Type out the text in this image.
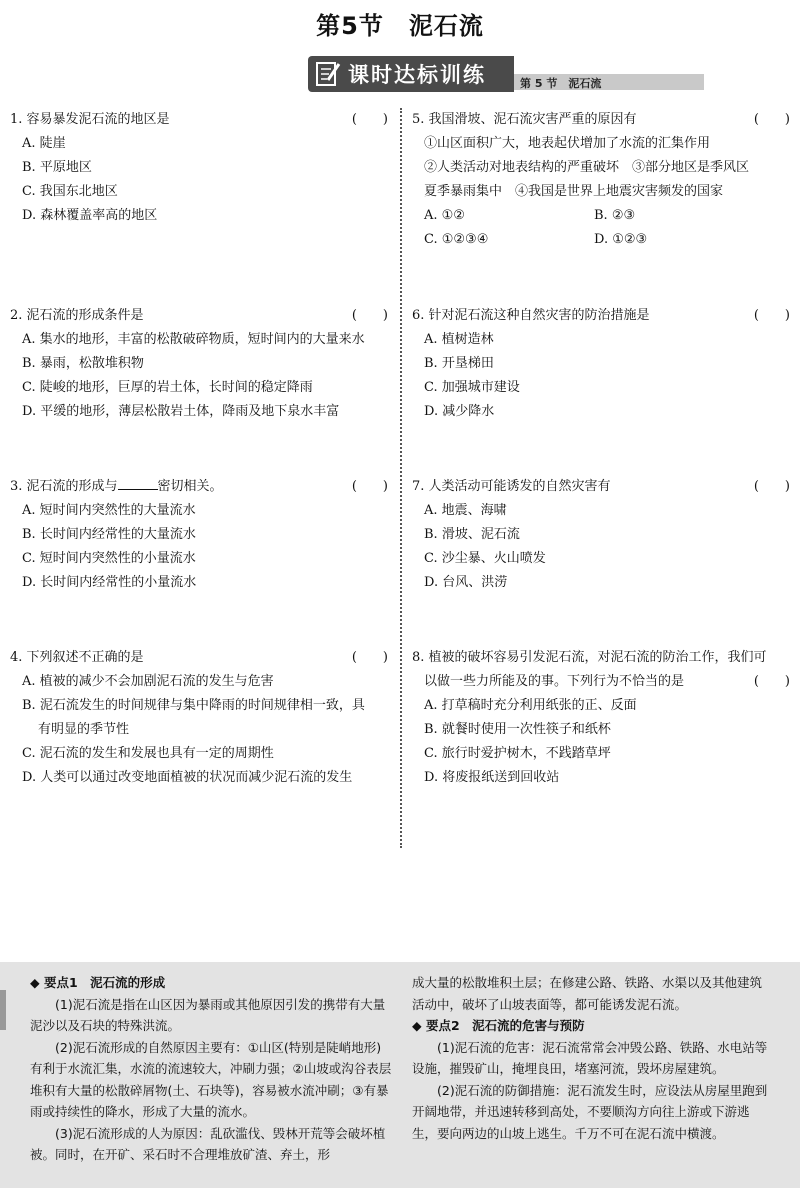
第5节　泥石流
课时达标训练	第 5 节　泥石流
1. 容易暴发泥石流的地区是	(　　)
A. 陡崖
B. 平原地区
C. 我国东北地区
D. 森林覆盖率高的地区
2. 泥石流的形成条件是	(　　)
A. 集水的地形，丰富的松散破碎物质，短时间内的大量来水
B. 暴雨，松散堆积物
C. 陡峻的地形，巨厚的岩土体，长时间的稳定降雨
D. 平缓的地形，薄层松散岩土体，降雨及地下泉水丰富
3. 泥石流的形成与	密切相关。	(　　)
A. 短时间内突然性的大量流水
B. 长时间内经常性的大量流水
C. 短时间内突然性的小量流水
D. 长时间内经常性的小量流水
4. 下列叙述不正确的是	(　　)
A. 植被的减少不会加剧泥石流的发生与危害
B. 泥石流发生的时间规律与集中降雨的时间规律相一致，具
有明显的季节性
C. 泥石流的发生和发展也具有一定的周期性
D. 人类可以通过改变地面植被的状况而减少泥石流的发生
5. 我国滑坡、泥石流灾害严重的原因有	(　　)
①山区面积广大，地表起伏增加了水流的汇集作用
②人类活动对地表结构的严重破坏　③部分地区是季风区
夏季暴雨集中　④我国是世界上地震灾害频发的国家
A. ①②	B. ②③
C. ①②③④	D. ①②③
6. 针对泥石流这种自然灾害的防治措施是	(　　)
A. 植树造林
B. 开垦梯田
C. 加强城市建设
D. 减少降水
7. 人类活动可能诱发的自然灾害有	(　　)
A. 地震、海啸
B. 滑坡、泥石流
C. 沙尘暴、火山喷发
D. 台风、洪涝
8. 植被的破坏容易引发泥石流，对泥石流的防治工作，我们可
以做一些力所能及的事。下列行为不恰当的是	(　　)
A. 打草稿时充分利用纸张的正、反面
B. 就餐时使用一次性筷子和纸杯
C. 旅行时爱护树木，不践踏草坪
D. 将废报纸送到回收站
◆ 要点1　泥石流的形成
(1)泥石流是指在山区因为暴雨或其他原因引发的携带有大量泥沙以及石块的特殊洪流。
(2)泥石流形成的自然原因主要有：①山区(特别是陡峭地形)有利于水流汇集，水流的流速较大，冲刷力强；②山坡或沟谷表层堆积有大量的松散碎屑物(土、石块等)，容易被水流冲刷；③有暴雨或持续性的降水，形成了大量的流水。
(3)泥石流形成的人为原因：乱砍滥伐、毁林开荒等会破坏植被。同时，在开矿、采石时不合理堆放矿渣、弃土，形
成大量的松散堆积土层；在修建公路、铁路、水渠以及其他建筑活动中，破坏了山坡表面等，都可能诱发泥石流。
◆ 要点2　泥石流的危害与预防
(1)泥石流的危害：泥石流常常会冲毁公路、铁路、水电站等设施，摧毁矿山，掩埋良田，堵塞河流，毁坏房屋建筑。
(2)泥石流的防御措施：泥石流发生时，应设法从房屋里跑到开阔地带，并迅速转移到高处，不要顺沟方向往上游或下游逃生，要向两边的山坡上逃生。千万不可在泥石流中横渡。
